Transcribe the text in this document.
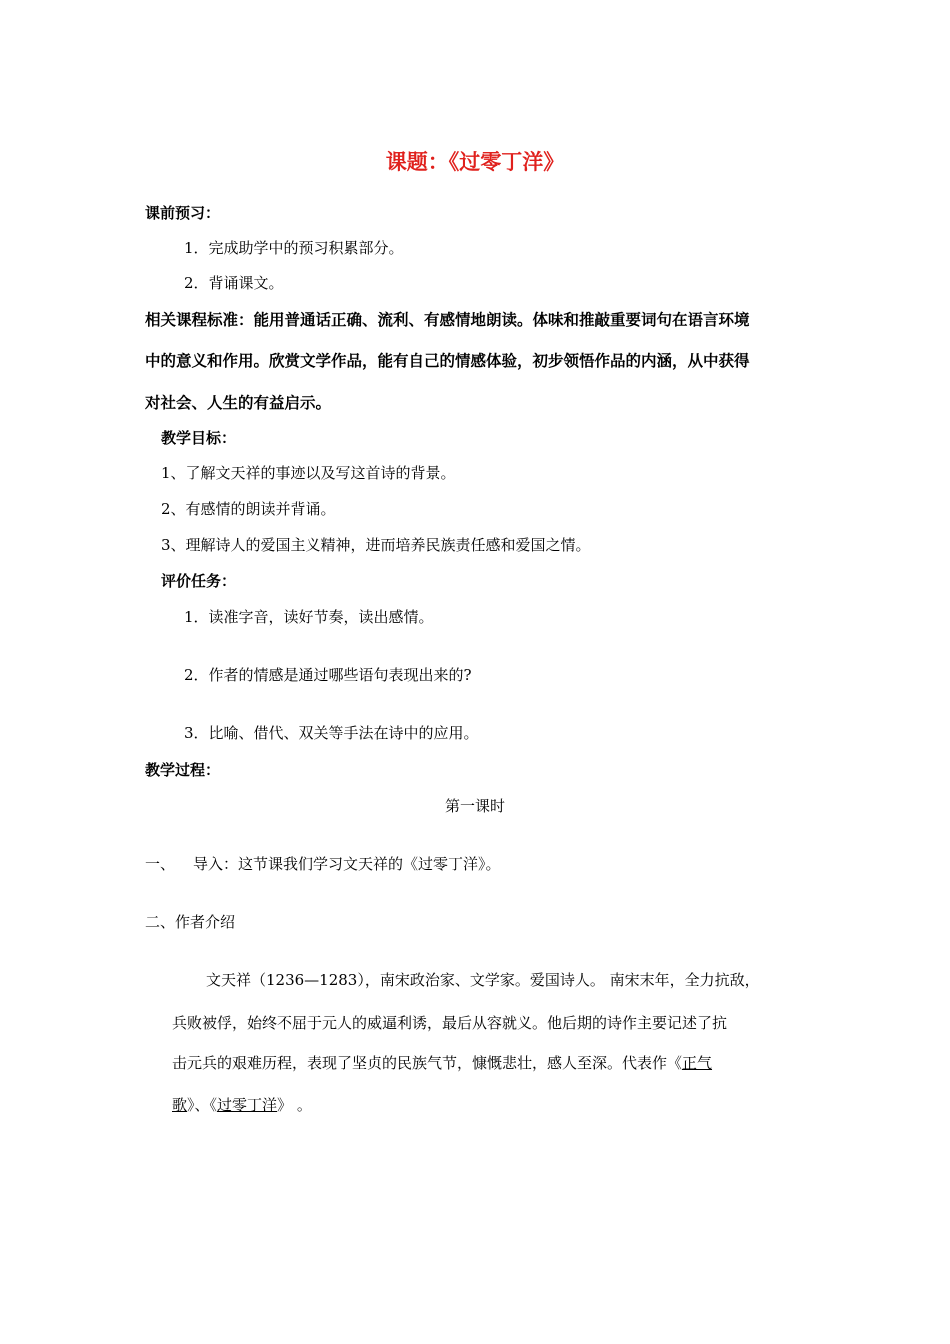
课题：《过零丁洋》
课前预习：
1．完成助学中的预习积累部分。
2．背诵课文。
相关课程标准：能用普通话正确、流利、有感情地朗读。体味和推敲重要词句在语言环境
中的意义和作用。欣赏文学作品，能有自己的情感体验，初步领悟作品的内涵，从中获得
对社会、人生的有益启示。
教学目标：
1、了解文天祥的事迹以及写这首诗的背景。
2、有感情的朗读并背诵。
3、理解诗人的爱国主义精神，进而培养民族责任感和爱国之情。
评价任务：
1．读准字音，读好节奏，读出感情。
2．作者的情感是通过哪些语句表现出来的?
3．比喻、借代、双关等手法在诗中的应用。
教学过程：
第一课时
一、 导入：这节课我们学习文天祥的《过零丁洋》。
二、作者介绍
文天祥（1236—1283），南宋政治家、文学家。爱国诗人。 南宋末年，全力抗敌，
兵败被俘，始终不屈于元人的威逼利诱，最后从容就义。他后期的诗作主要记述了抗
击元兵的艰难历程，表现了坚贞的民族气节，慷慨悲壮，感人至深。代表作《正气
歌》、《过零丁洋》 。
